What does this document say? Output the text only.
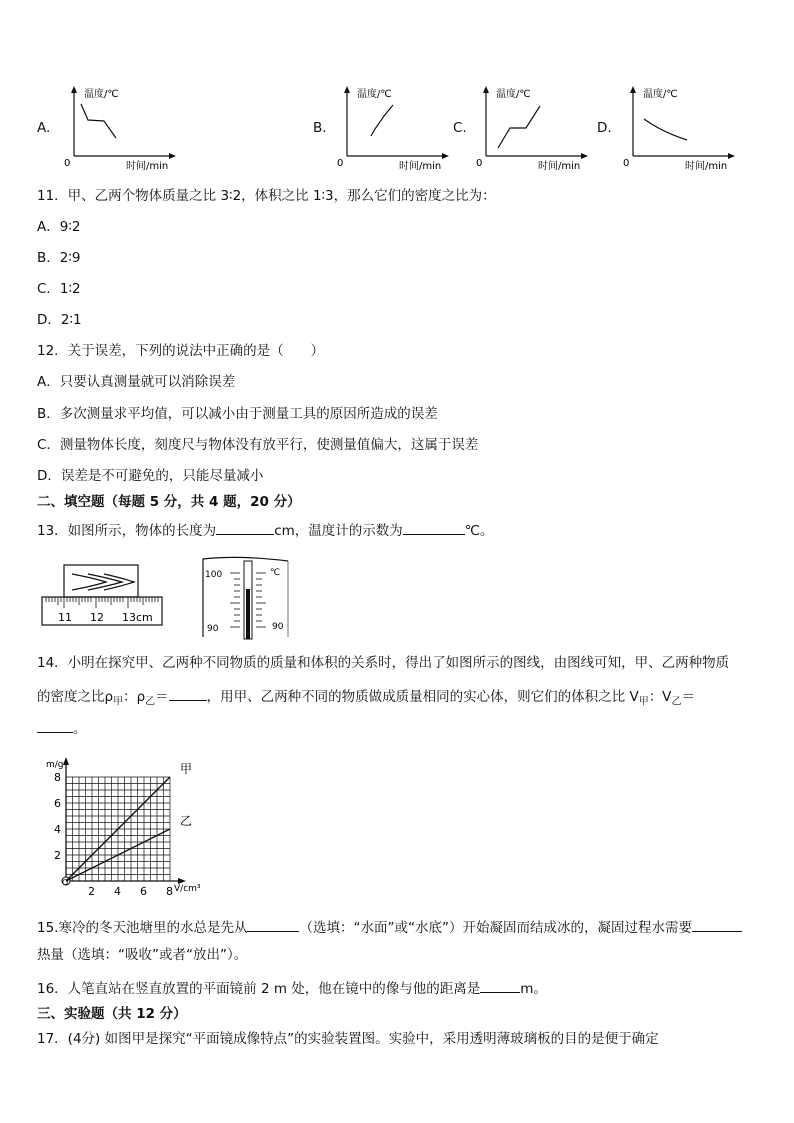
A.
温度/℃
时间/min
0
B.
温度/℃
时间/min
0
C.
温度/℃
时间/min
0
D.
温度/℃
时间/min
0
11．甲、乙两个物体质量之比 3∶2，体积之比 1∶3，那么它们的密度之比为：
A．9∶2
B．2∶9
C．1∶2
D．2∶1
12．关于误差，下列的说法中正确的是（　　）
A．只要认真测量就可以消除误差
B．多次测量求平均值，可以减小由于测量工具的原因所造成的误差
C．测量物体长度，刻度尺与物体没有放平行，使测量值偏大，这属于误差
D．误差是不可避免的，只能尽量减小
二、填空题（每题 5 分，共 4 题，20 分）
13．如图所示，物体的长度为	cm，温度计的示数为	℃。
11 12 13cm
100	℃
90	90
14．小明在探究甲、乙两种不同物质的质量和体积的关系时，得出了如图所示的图线，由图线可知，甲、乙两种物质
的密度之比$\rho_甲$：$\rho_乙=$	，用甲、乙两种不同的物质做成质量相同的实心体，则它们的体积之比 $V_甲$：$V_乙=$
。
O
m/g
V/cm³
2 4 6 8
2
4
6
8
甲
乙
15.寒冷的冬天池塘里的水总是先从	（选填：“水面”或“水底”）开始凝固而结成冰的，凝固过程水需要
热量（选填：“吸收”或者“放出”）。
16．人笔直站在竖直放置的平面镜前 2 m 处，他在镜中的像与他的距离是	m。
三、实验题（共 12 分）
17．(4分) 如图甲是探究“平面镜成像特点”的实验装置图。实验中，采用透明薄玻璃板的目的是便于确定
